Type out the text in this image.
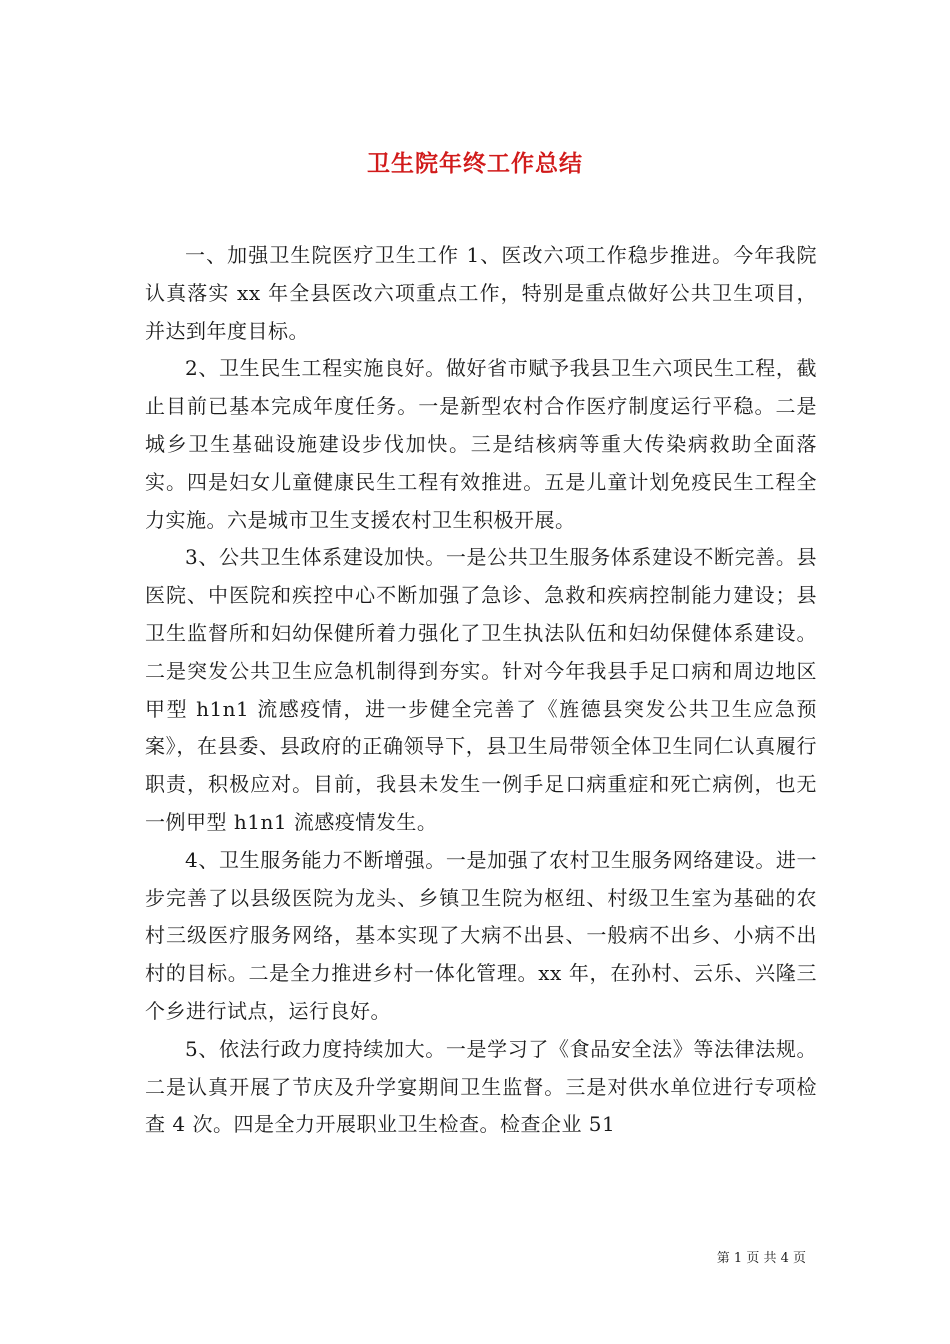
卫生院年终工作总结

一、加强卫生院医疗卫生工作 1、医改六项工作稳步推进。今年我院认真落实 xx 年全县医改六项重点工作，特别是重点做好公共卫生项目，并达到年度目标。

2、卫生民生工程实施良好。做好省市赋予我县卫生六项民生工程，截止目前已基本完成年度任务。一是新型农村合作医疗制度运行平稳。二是城乡卫生基础设施建设步伐加快。三是结核病等重大传染病救助全面落实。四是妇女儿童健康民生工程有效推进。五是儿童计划免疫民生工程全力实施。六是城市卫生支援农村卫生积极开展。

3、公共卫生体系建设加快。一是公共卫生服务体系建设不断完善。县医院、中医院和疾控中心不断加强了急诊、急救和疾病控制能力建设；县卫生监督所和妇幼保健所着力强化了卫生执法队伍和妇幼保健体系建设。二是突发公共卫生应急机制得到夯实。针对今年我县手足口病和周边地区甲型 h1n1 流感疫情，进一步健全完善了《旌德县突发公共卫生应急预案》，在县委、县政府的正确领导下，县卫生局带领全体卫生同仁认真履行职责，积极应对。目前，我县未发生一例手足口病重症和死亡病例，也无一例甲型 h1n1 流感疫情发生。

4、卫生服务能力不断增强。一是加强了农村卫生服务网络建设。进一步完善了以县级医院为龙头、乡镇卫生院为枢纽、村级卫生室为基础的农村三级医疗服务网络，基本实现了大病不出县、一般病不出乡、小病不出村的目标。二是全力推进乡村一体化管理。xx 年，在孙村、云乐、兴隆三个乡进行试点，运行良好。

5、依法行政力度持续加大。一是学习了《食品安全法》等法律法规。二是认真开展了节庆及升学宴期间卫生监督。三是对供水单位进行专项检查 4 次。四是全力开展职业卫生检查。检查企业 51

第 1 页 共 4 页
